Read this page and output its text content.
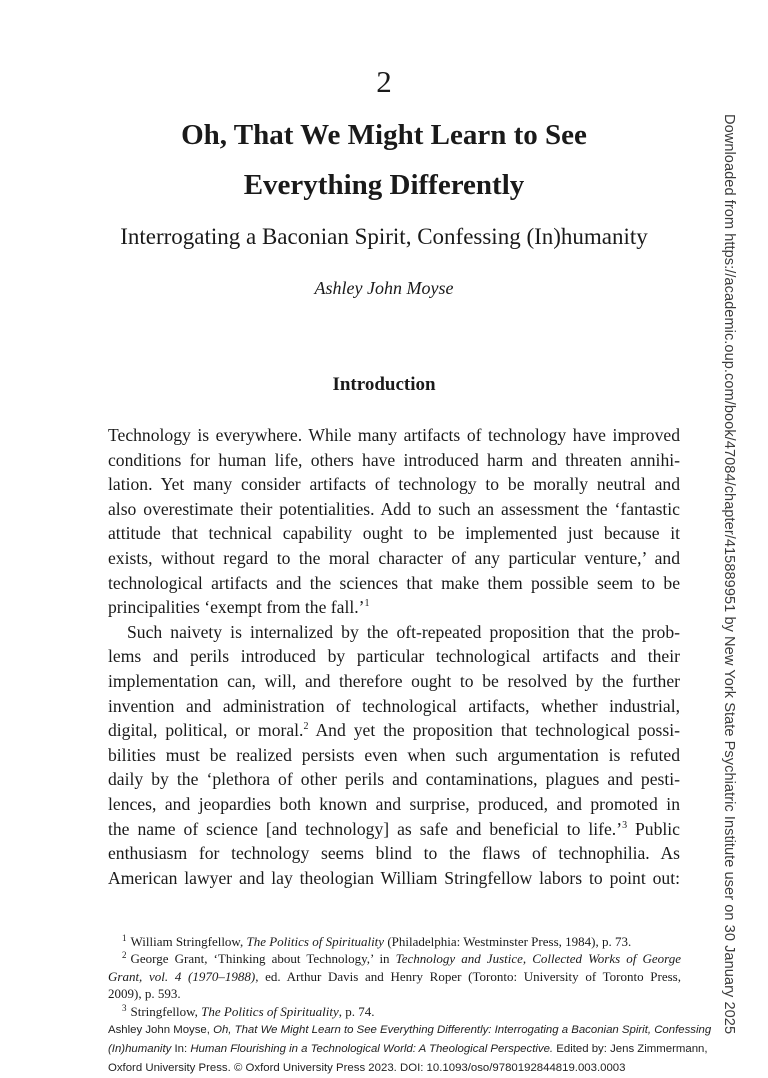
2
Oh, That We Might Learn to See
Everything Differently
Interrogating a Baconian Spirit, Confessing (In)humanity
Ashley John Moyse
Introduction
Technology is everywhere. While many artifacts of technology have improved
conditions for human life, others have introduced harm and threaten annihi-
lation. Yet many consider artifacts of technology to be morally neutral and
also overestimate their potentialities. Add to such an assessment the ‘fantastic
attitude that technical capability ought to be implemented just because it
exists, without regard to the moral character of any particular venture,’ and
technological artifacts and the sciences that make them possible seem to be
principalities ‘exempt from the fall.’$^1$
Such naivety is internalized by the oft-repeated proposition that the prob-
lems and perils introduced by particular technological artifacts and their
implementation can, will, and therefore ought to be resolved by the further
invention and administration of technological artifacts, whether industrial,
digital, political, or moral.$^2$ And yet the proposition that technological possi-
bilities must be realized persists even when such argumentation is refuted
daily by the ‘plethora of other perils and contaminations, plagues and pesti-
lences, and jeopardies both known and surprise, produced, and promoted in
the name of science [and technology] as safe and beneficial to life.’$^3$ Public
enthusiasm for technology seems blind to the flaws of technophilia. As
American lawyer and lay theologian William Stringfellow labors to point out:
$^1$ William Stringfellow, The Politics of Spirituality (Philadelphia: Westminster Press, 1984), p. 73.
$^2$ George Grant, ‘Thinking about Technology,’ in Technology and Justice, Collected Works of George
Grant, vol. 4 (1970–1988), ed. Arthur Davis and Henry Roper (Toronto: University of Toronto Press,
2009), p. 593.
$^3$ Stringfellow, The Politics of Spirituality, p. 74.
Ashley John Moyse, Oh, That We Might Learn to See Everything Differently: Interrogating a Baconian Spirit, Confessing
(In)humanity In: Human Flourishing in a Technological World: A Theological Perspective. Edited by: Jens Zimmermann,
Oxford University Press. © Oxford University Press 2023. DOI: 10.1093/oso/9780192844819.003.0003
Downloaded from https://academic.oup.com/book/47084/chapter/415889951 by New York State Psychiatric Institute user on 30 January 2025
